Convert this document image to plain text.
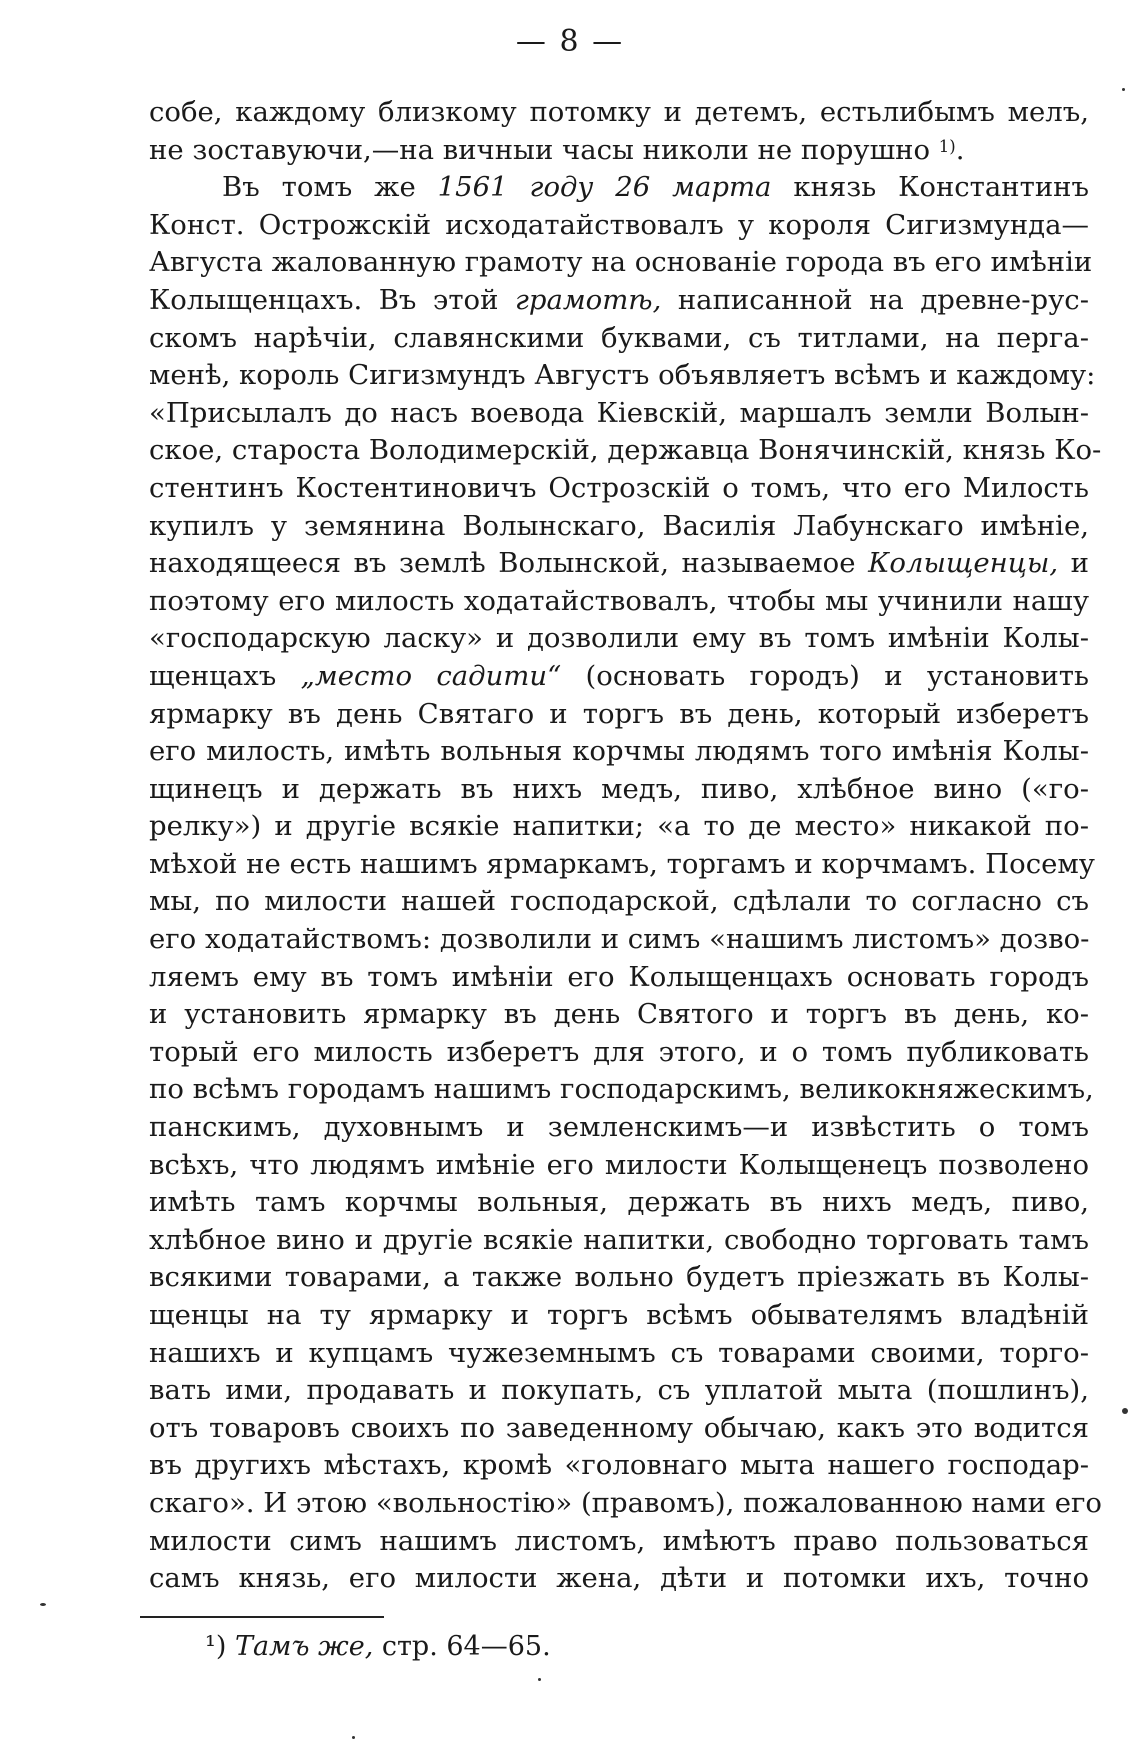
— 8 —
собе, каждому близкому потомку и детемъ, естьлибымъ мелъ,
не зоставуючи,—на вичныи часы николи не порушно $^{1)}$.
Въ томъ же 1561 году 26 марта князь Константинъ
Конст. Острожскій исходатайствовалъ у короля Сигизмунда—
Августа жалованную грамоту на основаніе города въ его имѣніи
Колыщенцахъ. Въ этой грамотѣ, написанной на древне-рус-
скомъ нарѣчіи, славянскими буквами, съ титлами, на перга-
менѣ, король Сигизмундъ Августъ объявляетъ всѣмъ и каждому:
«Присылалъ до насъ воевода Кіевскій, маршалъ земли Волын-
ское, староста Володимерскій, державца Вонячинскій, князь Ко-
стентинъ Костентиновичъ Острозскій о томъ, что его Милость
купилъ у земянина Волынскаго, Василія Лабунскаго имѣніе,
находящееся въ землѣ Волынской, называемое Колыщенцы, и
поэтому его милость ходатайствовалъ, чтобы мы учинили нашу
«господарскую ласку» и дозволили ему въ томъ имѣніи Колы-
щенцахъ „место садити“ (основать городъ) и установить
ярмарку въ день Святаго и торгъ въ день, который изберетъ
его милость, имѣть вольныя корчмы людямъ того имѣнія Колы-
щинецъ и держать въ нихъ медъ, пиво, хлѣбное вино («го-
релку») и другіе всякіе напитки; «а то де место» никакой по-
мѣхой не есть нашимъ ярмаркамъ, торгамъ и корчмамъ. Посему
мы, по милости нашей господарской, сдѣлали то согласно съ
его ходатайствомъ: дозволили и симъ «нашимъ листомъ» дозво-
ляемъ ему въ томъ имѣніи его Колыщенцахъ основать городъ
и установить ярмарку въ день Святого и торгъ въ день, ко-
торый его милость изберетъ для этого, и о томъ публиковать
по всѣмъ городамъ нашимъ господарскимъ, великокняжескимъ,
панскимъ, духовнымъ и земленскимъ—и извѣстить о томъ
всѣхъ, что людямъ имѣніе его милости Колыщенецъ позволено
имѣть тамъ корчмы вольныя, держать въ нихъ медъ, пиво,
хлѣбное вино и другіе всякіе напитки, свободно торговать тамъ
всякими товарами, а также вольно будетъ пріезжать въ Колы-
щенцы на ту ярмарку и торгъ всѣмъ обывателямъ владѣній
нашихъ и купцамъ чужеземнымъ съ товарами своими, торго-
вать ими, продавать и покупать, съ уплатой мыта (пошлинъ),
отъ товаровъ своихъ по заведенному обычаю, какъ это водится
въ другихъ мѣстахъ, кромѣ «головнаго мыта нашего господар-
скаго». И этою «вольностію» (правомъ), пожалованною нами его
милости симъ нашимъ листомъ, имѣютъ право пользоваться
самъ князь, его милости жена, дѣти и потомки ихъ, точно
¹) Тамъ же, стр. 64—65.
